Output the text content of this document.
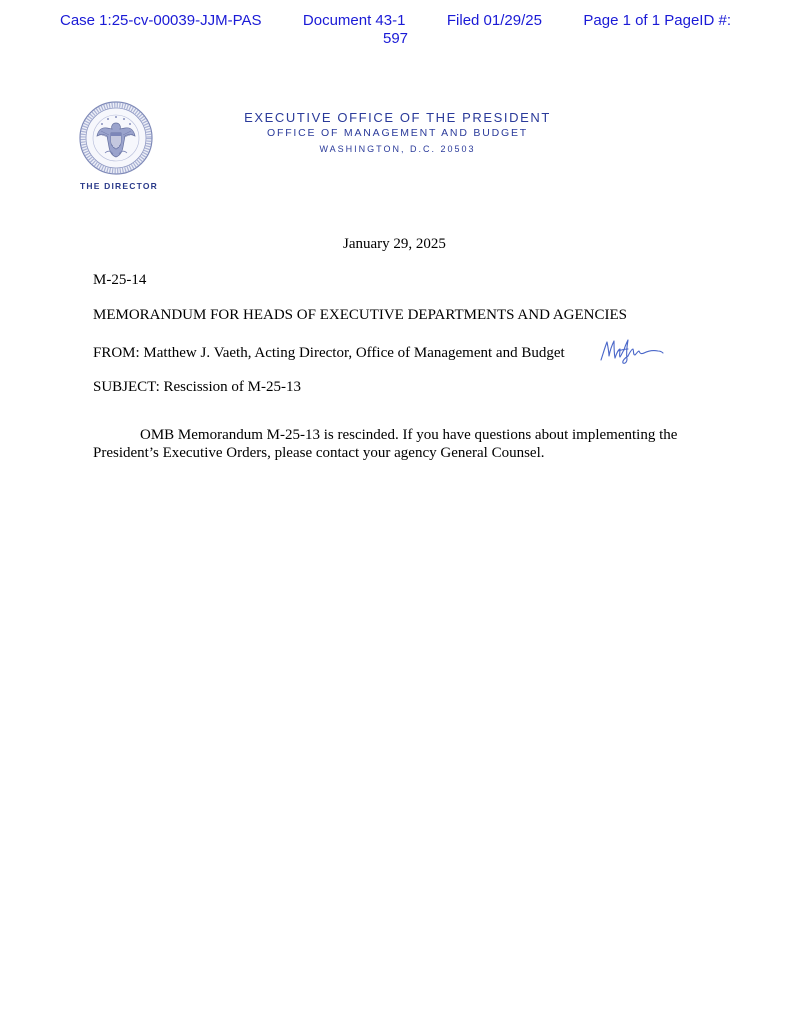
Case 1:25-cv-00039-JJM-PAS	Document 43-1	Filed 01/29/25	Page 1 of 1 PageID #:
597
THE DIRECTOR
EXECUTIVE OFFICE OF THE PRESIDENT
OFFICE OF MANAGEMENT AND BUDGET
WASHINGTON, D.C. 20503
January 29, 2025
M-25-14
MEMORANDUM FOR HEADS OF EXECUTIVE DEPARTMENTS AND AGENCIES
FROM: Matthew J. Vaeth, Acting Director, Office of Management and Budget
SUBJECT: Rescission of M-25-13
OMB Memorandum M-25-13 is rescinded. If you have questions about implementing the
President’s Executive Orders, please contact your agency General Counsel.
